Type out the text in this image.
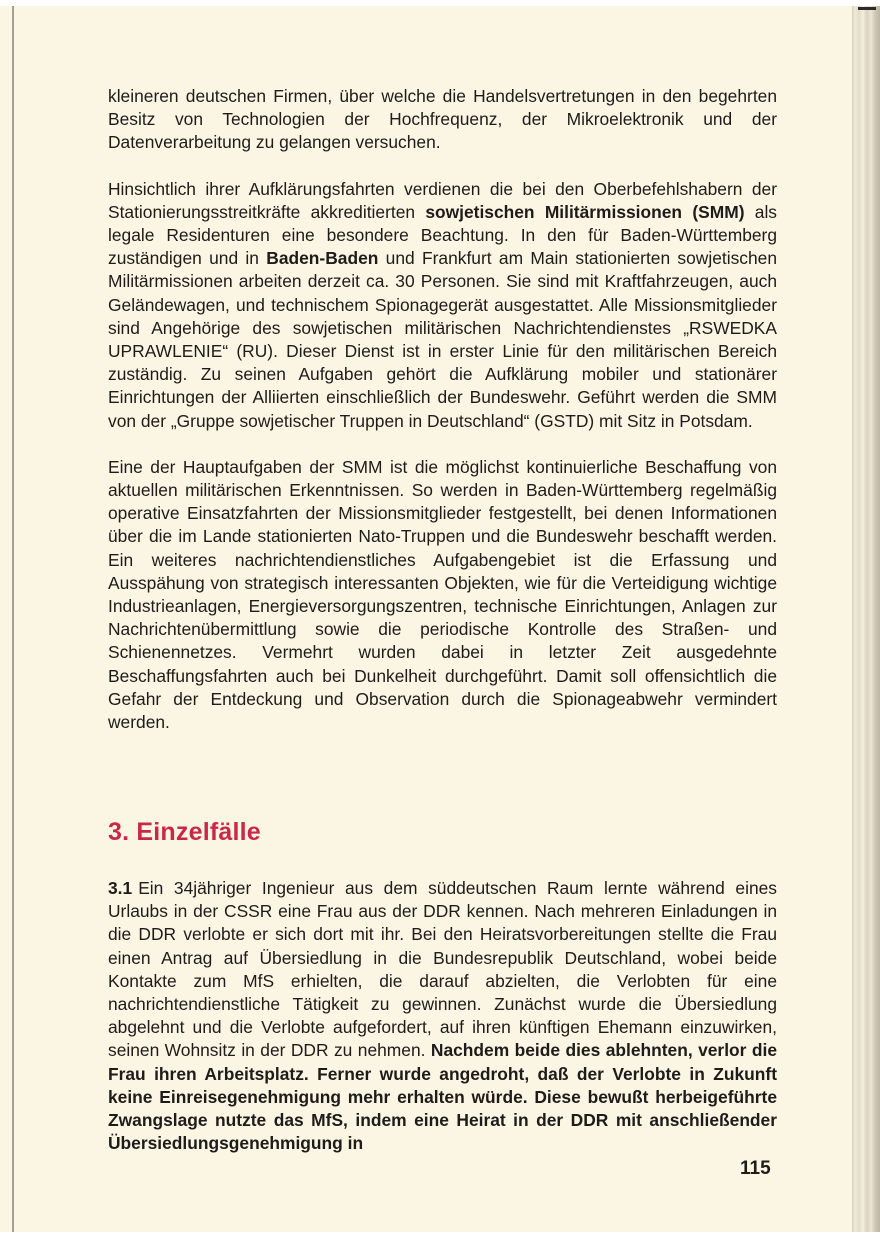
kleineren deutschen Firmen, über welche die Handelsvertretungen in den begehrten Besitz von Technologien der Hochfrequenz, der Mikroelektronik und der Datenverarbeitung zu gelangen versuchen.

Hinsichtlich ihrer Aufklärungsfahrten verdienen die bei den Oberbefehlshabern der Stationierungsstreitkräfte akkreditierten sowjetischen Militärmissionen (SMM) als legale Residenturen eine besondere Beachtung. In den für Baden-Württemberg zuständigen und in Baden-Baden und Frankfurt am Main stationierten sowjetischen Militärmissionen arbeiten derzeit ca. 30 Personen. Sie sind mit Kraftfahrzeugen, auch Geländewagen, und technischem Spionagegerät ausgestattet. Alle Missionsmitglieder sind Angehörige des sowjetischen militärischen Nachrichtendienstes „RSWEDKA UPRAWLENIE“ (RU). Dieser Dienst ist in erster Linie für den militärischen Bereich zuständig. Zu seinen Aufgaben gehört die Aufklärung mobiler und stationärer Einrichtungen der Alliierten einschließlich der Bundeswehr. Geführt werden die SMM von der „Gruppe sowjetischer Truppen in Deutschland“ (GSTD) mit Sitz in Potsdam.

Eine der Hauptaufgaben der SMM ist die möglichst kontinuierliche Beschaffung von aktuellen militärischen Erkenntnissen. So werden in Baden-Württemberg regelmäßig operative Einsatzfahrten der Missionsmitglieder festgestellt, bei denen Informationen über die im Lande stationierten Nato-Truppen und die Bundeswehr beschafft werden. Ein weiteres nachrichtendienstliches Aufgabengebiet ist die Erfassung und Ausspähung von strategisch interessanten Objekten, wie für die Verteidigung wichtige Industrieanlagen, Energieversorgungszentren, technische Einrichtungen, Anlagen zur Nachrichtenübermittlung sowie die periodische Kontrolle des Straßen- und Schienennetzes. Vermehrt wurden dabei in letzter Zeit ausgedehnte Beschaffungsfahrten auch bei Dunkelheit durchgeführt. Damit soll offensichtlich die Gefahr der Entdeckung und Observation durch die Spionageabwehr vermindert werden.

3. Einzelfälle

3.1 Ein 34jähriger Ingenieur aus dem süddeutschen Raum lernte während eines Urlaubs in der CSSR eine Frau aus der DDR kennen. Nach mehreren Einladungen in die DDR verlobte er sich dort mit ihr. Bei den Heiratsvorbereitungen stellte die Frau einen Antrag auf Übersiedlung in die Bundesrepublik Deutschland, wobei beide Kontakte zum MfS erhielten, die darauf abzielten, die Verlobten für eine nachrichtendienstliche Tätigkeit zu gewinnen. Zunächst wurde die Übersiedlung abgelehnt und die Verlobte aufgefordert, auf ihren künftigen Ehemann einzuwirken, seinen Wohnsitz in der DDR zu nehmen. Nachdem beide dies ablehnten, verlor die Frau ihren Arbeitsplatz. Ferner wurde angedroht, daß der Verlobte in Zukunft keine Einreisegenehmigung mehr erhalten würde. Diese bewußt herbeigeführte Zwangslage nutzte das MfS, indem eine Heirat in der DDR mit anschließender Übersiedlungsgenehmigung in

115
